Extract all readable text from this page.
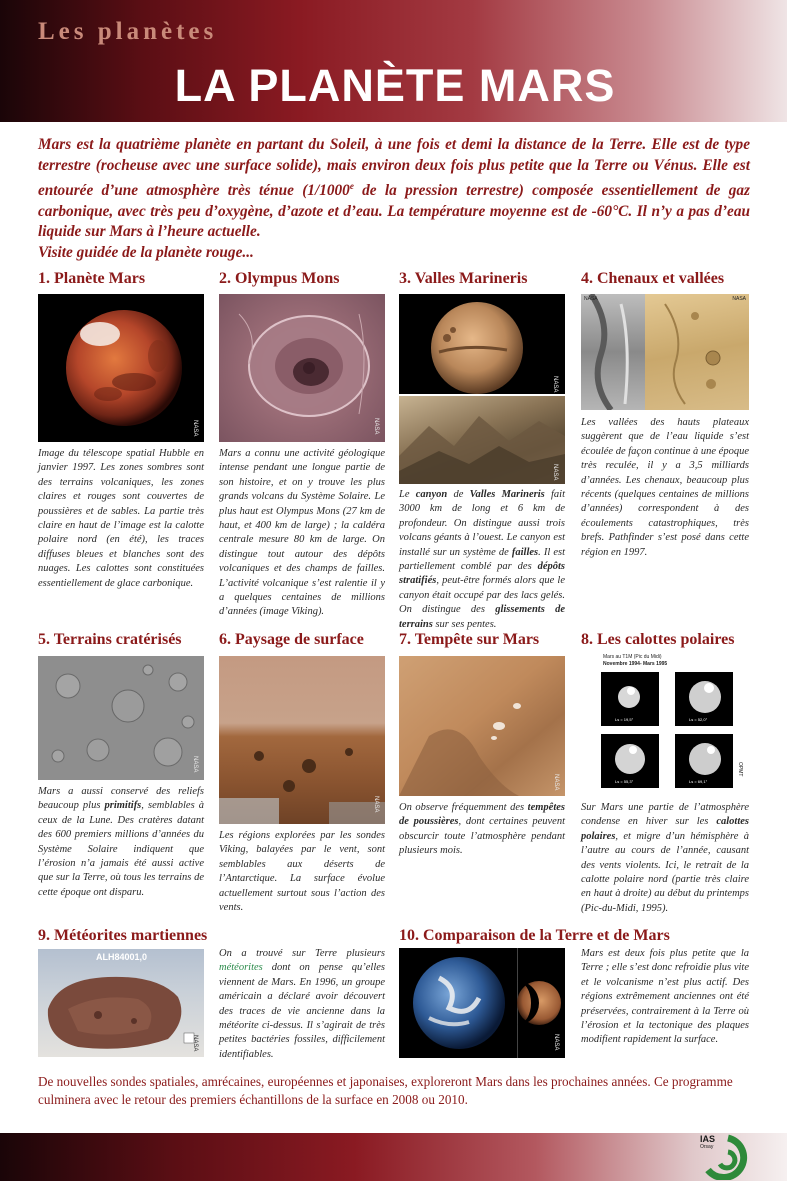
Les planètes
LA PLANÈTE MARS
Mars est la quatrième planète en partant du Soleil, à une fois et demi la distance de la Terre. Elle est de type terrestre (rocheuse avec une surface solide), mais environ deux fois plus petite que la Terre ou Vénus. Elle est entourée d’une atmosphère très ténue (1/1000e de la pression terrestre) composée essentiellement de gaz carbonique, avec très peu d’oxygène, d’azote et d’eau. La température moyenne est de -60°C. Il n’y a pas d’eau liquide sur Mars à l’heure actuelle.
Visite guidée de la planète rouge...
1. Planète Mars
NASA
Image du télescope spatial Hubble en janvier 1997. Les zones sombres sont des terrains volcaniques, les zones claires et rouges sont couvertes de poussières et de sables. La partie très claire en haut de l’image est la calotte polaire nord (en été), les traces diffuses bleues et blanches sont des nuages. Les calottes sont constituées essentiellement de glace carbonique.
2. Olympus Mons
NASA
Mars a connu une activité géologique intense pendant une longue partie de son histoire, et on y trouve les plus grands volcans du Système Solaire. Le plus haut est Olympus Mons (27 km de haut, et 400 km de large) ; la caldéra centrale mesure 80 km de large. On distingue tout autour des dépôts volcaniques et des champs de failles. L’activité volcanique s’est ralentie il y a quelques centaines de millions d’années (image Viking).
3. Valles Marineris
NASA
NASA
Le canyon de Valles Marineris fait 3000 km de long et 6 km de profondeur. On distingue aussi trois volcans géants à l’ouest. Le canyon est installé sur un système de failles. Il est partiellement comblé par des dépôts stratifiés, peut-être formés alors que le canyon était occupé par des lacs gelés. On distingue des glissements de terrains sur ses pentes.
4. Chenaux et vallées
NASA	NASA
Les vallées des hauts plateaux suggèrent que de l’eau liquide s’est écoulée de façon continue à une époque très reculée, il y a 3,5 milliards d’années. Les chenaux, beaucoup plus récents (quelques centaines de millions d’années) correspondent à des écoulements catastrophiques, très brefs. Pathfinder s’est posé dans cette région en 1997.
5. Terrains cratérisés
NASA
Mars a aussi conservé des reliefs beaucoup plus primitifs, semblables à ceux de la Lune. Des cratères datant des 600 premiers millions d’années du Système Solaire indiquent que l’érosion n’a jamais été aussi active que sur la Terre, où tous les terrains de cette époque ont disparu.
6. Paysage de surface
NASA
Les régions explorées par les sondes Viking, balayées par le vent, sont semblables aux déserts de l’Antarctique. La surface évolue actuellement surtout sous l’action des vents.
7. Tempête sur Mars
NASA
On observe fréquemment des tempêtes de poussières, dont certaines peuvent obscurcir toute l’atmosphère pendant plusieurs mois.
8. Les calottes polaires
Mars au T1M (Pic du Midi)
Novembre 1994- Mars 1995
Ls = 19,5°	Ls = 52,0°
Ls = 55,3°	Ls = 69,1°
OPMT
Sur Mars une partie de l’atmosphère condense en hiver sur les calottes polaires, et migre d’un hémisphère à l’autre au cours de l’année, causant des vents violents. Ici, le retrait de la calotte polaire nord (partie très claire en haut à droite) au début du printemps (Pic-du-Midi, 1995).
9. Météorites martiennes
ALH84001,0
NASA
On a trouvé sur Terre plusieurs météorites dont on pense qu’elles viennent de Mars. En 1996, un groupe américain a déclaré avoir découvert des traces de vie ancienne dans la météorite ci-dessus. Il s’agirait de très petites bactéries fossiles, difficilement identifiables.
10. Comparaison de la Terre et de Mars
NASA
Mars est deux fois plus petite que la Terre ; elle s’est donc refroidie plus vite et le volcanisme n’est plus actif. Des régions extrêmement anciennes ont été préservées, contrairement à la Terre où l’érosion et la tectonique des plaques modifient rapidement la surface.
De nouvelles sondes spatiales, amrécaines, européennes et japonaises, exploreront Mars dans les prochaines années. Ce programme culminera avec le retour des premiers échantillons de la surface en 2008 ou 2010.
IAS
Orsay
